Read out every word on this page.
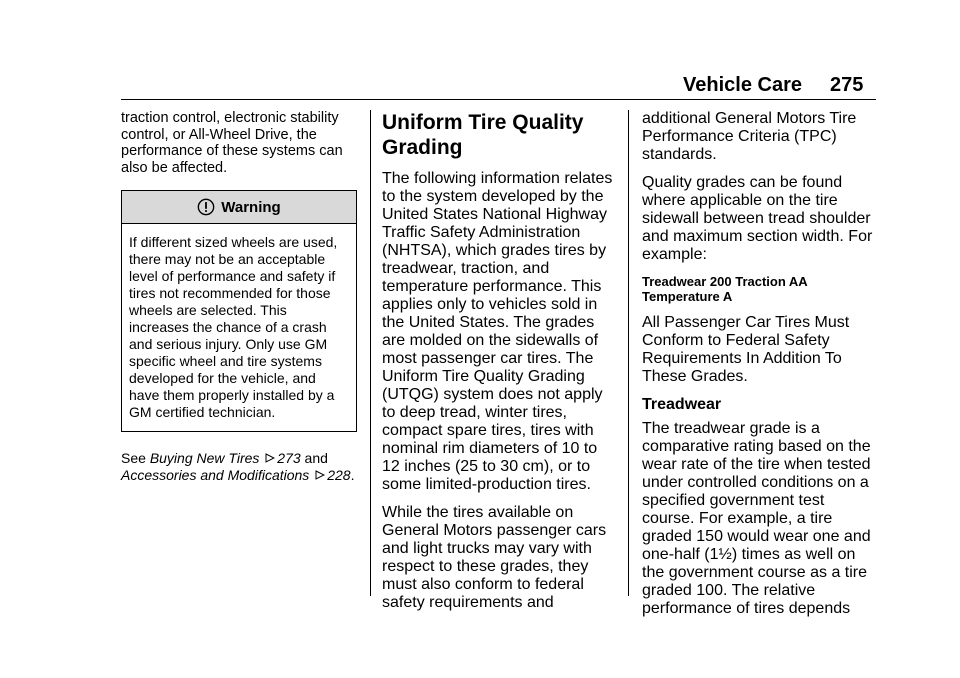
Vehicle Care 275

traction control, electronic stability control, or All-Wheel Drive, the performance of these systems can also be affected.

Warning
If different sized wheels are used, there may not be an acceptable level of performance and safety if tires not recommended for those wheels are selected. This increases the chance of a crash and serious injury. Only use GM specific wheel and tire systems developed for the vehicle, and have them properly installed by a GM certified technician.

See Buying New Tires 273 and Accessories and Modifications 228.

Uniform Tire Quality Grading

The following information relates to the system developed by the United States National Highway Traffic Safety Administration (NHTSA), which grades tires by treadwear, traction, and temperature performance. This applies only to vehicles sold in the United States. The grades are molded on the sidewalls of most passenger car tires. The Uniform Tire Quality Grading (UTQG) system does not apply to deep tread, winter tires, compact spare tires, tires with nominal rim diameters of 10 to 12 inches (25 to 30 cm), or to some limited-production tires.

While the tires available on General Motors passenger cars and light trucks may vary with respect to these grades, they must also conform to federal safety requirements and

additional General Motors Tire Performance Criteria (TPC) standards.

Quality grades can be found where applicable on the tire sidewall between tread shoulder and maximum section width. For example:

Treadwear 200 Traction AA Temperature A

All Passenger Car Tires Must Conform to Federal Safety Requirements In Addition To These Grades.

Treadwear

The treadwear grade is a comparative rating based on the wear rate of the tire when tested under controlled conditions on a specified government test course. For example, a tire graded 150 would wear one and one-half (1½) times as well on the government course as a tire graded 100. The relative performance of tires depends
